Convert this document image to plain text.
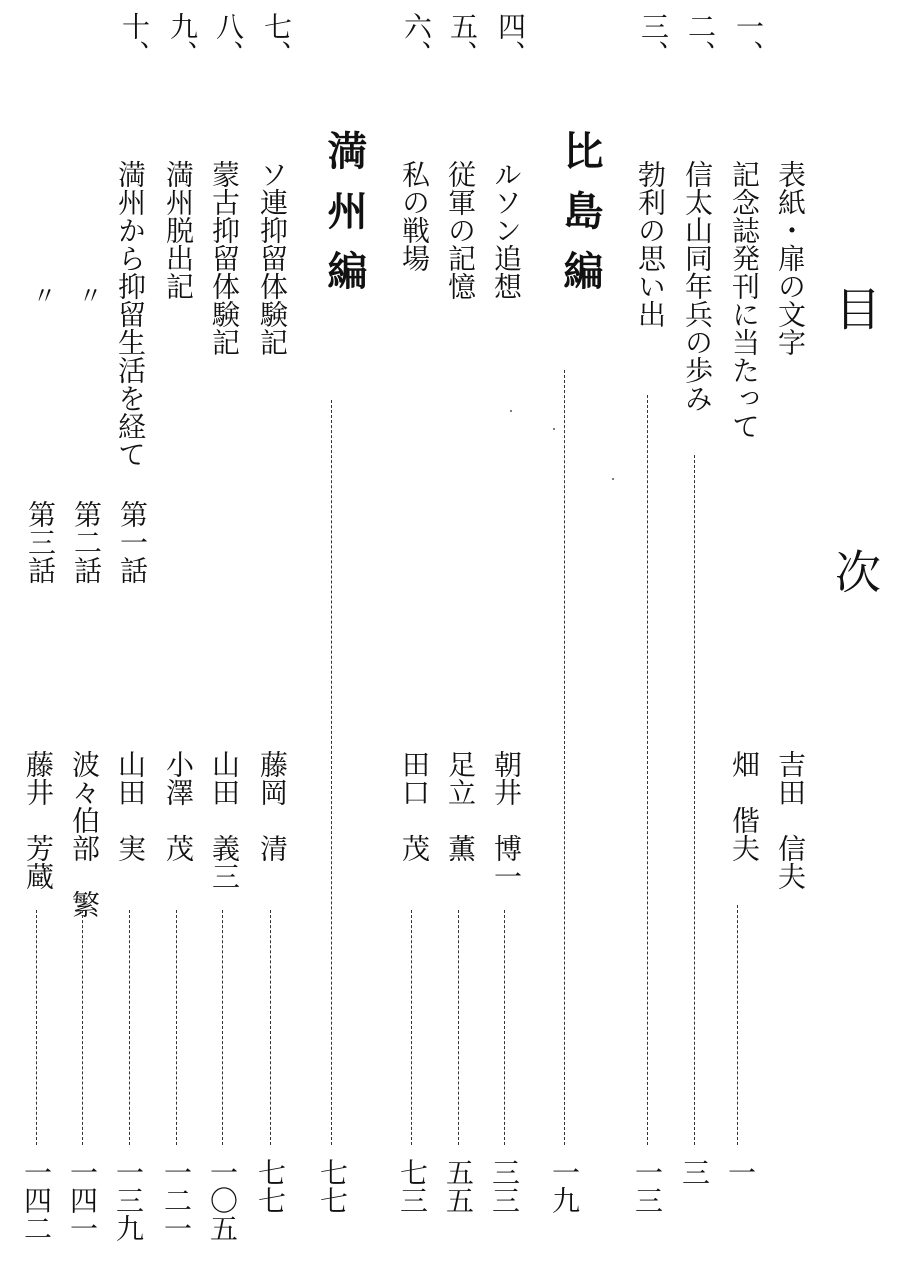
目
次
一、
二、
三、
四、
五、
六、
七、
八、
九、
十、
表紙・扉の文字
記念誌発刊に当たって
信太山同年兵の歩み
勃利の思い出
比島編
ルソン追想
従軍の記憶
私の戦場
満州編
ソ連抑留体験記
蒙古抑留体験記
満州脱出記
満州から抑留生活を経て
〃
〃
第一話
第二話
第三話
吉田　信夫
畑　偕夫
朝井　博一
足立　薫
田口　茂
藤岡　清
山田　義三
小澤　茂
山田　実
波々伯部　繁
藤井　芳蔵
一
三
一三
一九
三三
五五
七三
七七
七七
一〇五
一二一
一三九
一四一
一四二
